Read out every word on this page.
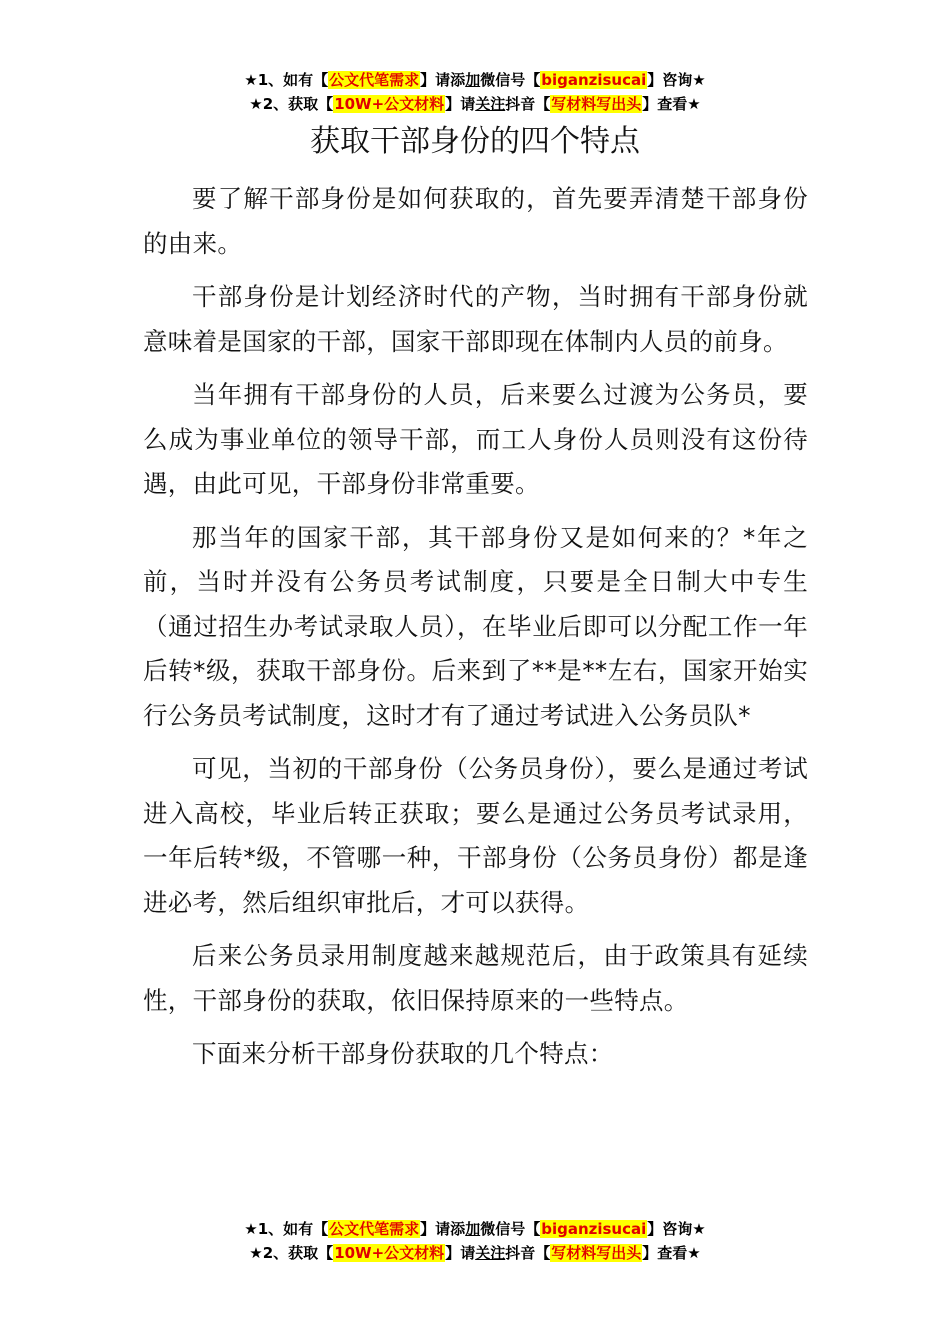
★1、如有【公文代笔需求】请添加微信号【biganzisucai】咨询★
★2、获取【10W+公文材料】请关注抖音【写材料写出头】查看★
获取干部身份的四个特点

要了解干部身份是如何获取的，首先要弄清楚干部身份的由来。

干部身份是计划经济时代的产物，当时拥有干部身份就意味着是国家的干部，国家干部即现在体制内人员的前身。

当年拥有干部身份的人员，后来要么过渡为公务员，要么成为事业单位的领导干部，而工人身份人员则没有这份待遇，由此可见，干部身份非常重要。

那当年的国家干部，其干部身份又是如何来的？*年之前，当时并没有公务员考试制度，只要是全日制大中专生（通过招生办考试录取人员），在毕业后即可以分配工作一年后转*级，获取干部身份。后来到了**是**左右，国家开始实行公务员考试制度，这时才有了通过考试进入公务员队*

可见，当初的干部身份（公务员身份），要么是通过考试进入高校，毕业后转正获取；要么是通过公务员考试录用，一年后转*级，不管哪一种，干部身份（公务员身份）都是逢进必考，然后组织审批后，才可以获得。

后来公务员录用制度越来越规范后，由于政策具有延续性，干部身份的获取，依旧保持原来的一些特点。

下面来分析干部身份获取的几个特点：

★1、如有【公文代笔需求】请添加微信号【biganzisucai】咨询★
★2、获取【10W+公文材料】请关注抖音【写材料写出头】查看★
